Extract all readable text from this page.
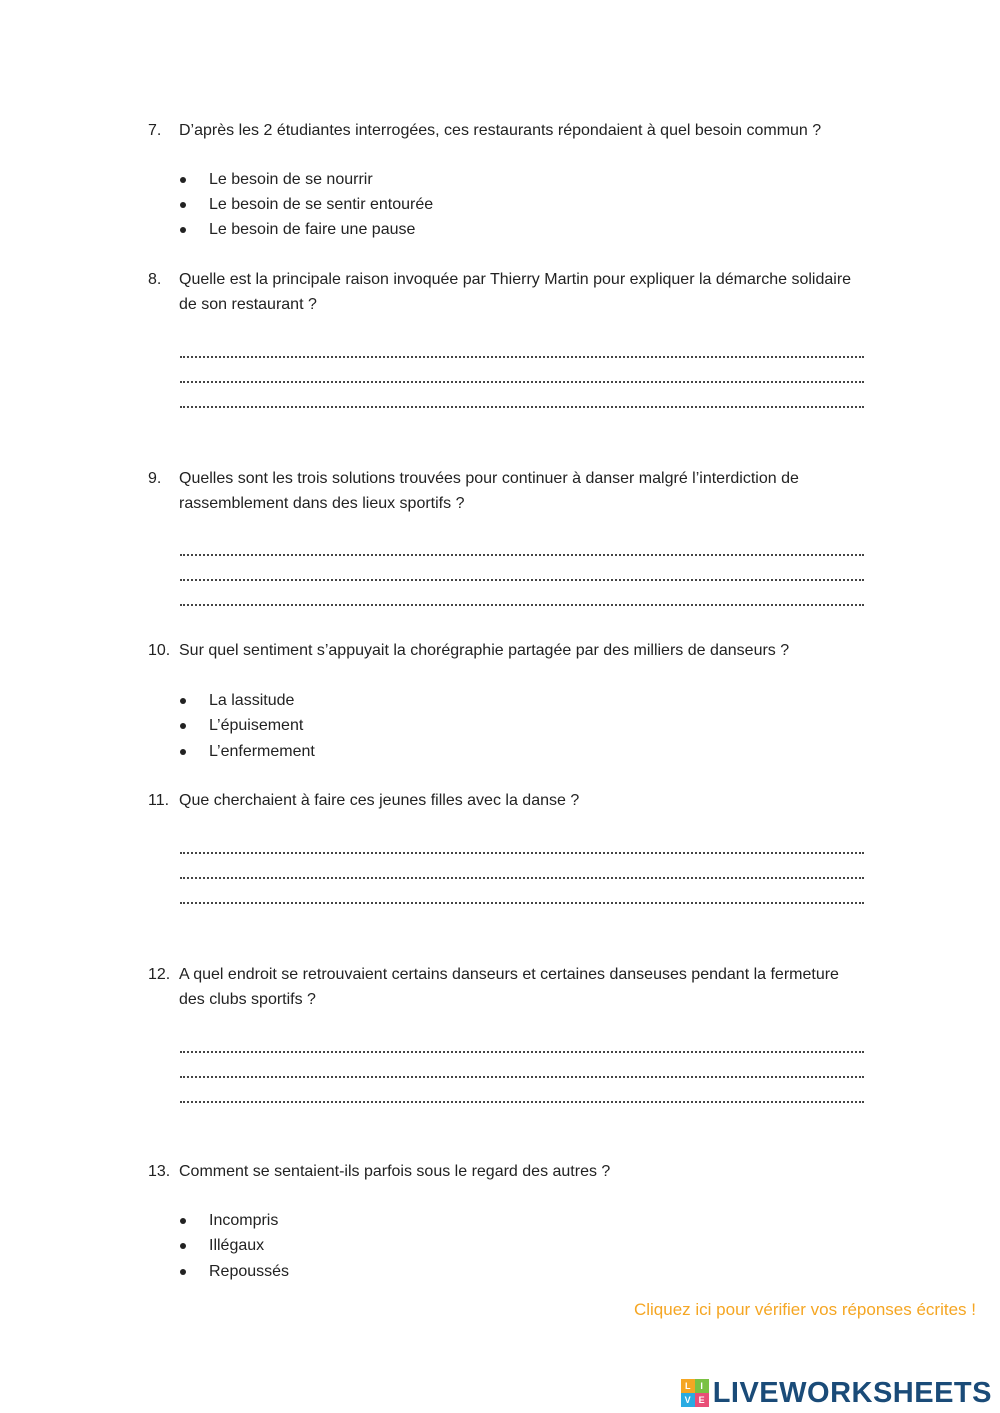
7. D’après les 2 étudiantes interrogées, ces restaurants répondaient à quel besoin commun ?
Le besoin de se nourrir
Le besoin de se sentir entourée
Le besoin de faire une pause
8. Quelle est la principale raison invoquée par Thierry Martin pour expliquer la démarche solidaire de son restaurant ?
9. Quelles sont les trois solutions trouvées pour continuer à danser malgré l’interdiction de rassemblement dans des lieux sportifs ?
10. Sur quel sentiment s’appuyait la chorégraphie partagée par des milliers de danseurs ?
La lassitude
L’épuisement
L’enfermement
11. Que cherchaient à faire ces jeunes filles avec la danse ?
12. A quel endroit se retrouvaient certains danseurs et certaines danseuses pendant la fermeture des clubs sportifs ?
13. Comment se sentaient-ils parfois sous le regard des autres ?
Incompris
Illégaux
Repoussés
Cliquez ici pour vérifier vos réponses écrites !
L	I
V E LIVEWORKSHEETS
